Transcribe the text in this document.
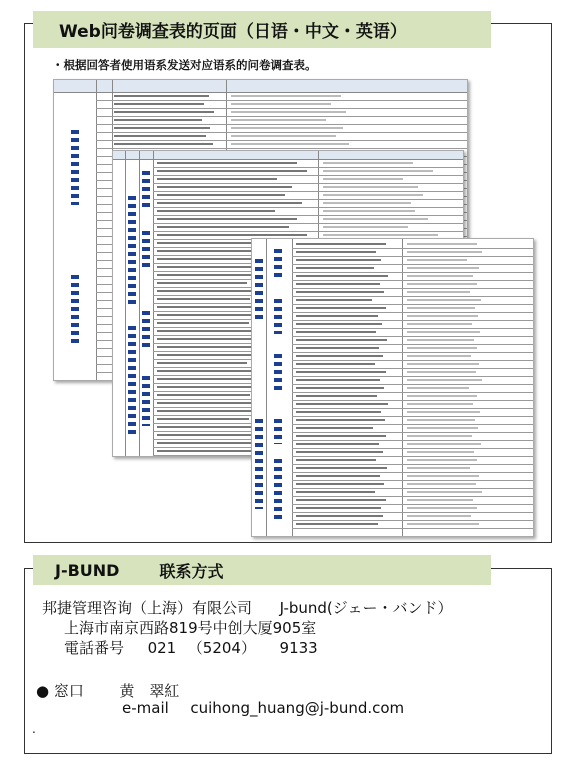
Web问卷调查表的页面（日语・中文・英语）
・根据回答者使用语系发送对应语系的问卷调查表。
J-BUND	联系方式
邦捷管理咨询（上海）有限公司 J-bund(ジェー・バンド）
上海市南京西路819号中创大厦905室
電話番号 021 （5204） 9133
● 窓口 黄　翠紅
e-mail cuihong_huang@j-bund.com
.
